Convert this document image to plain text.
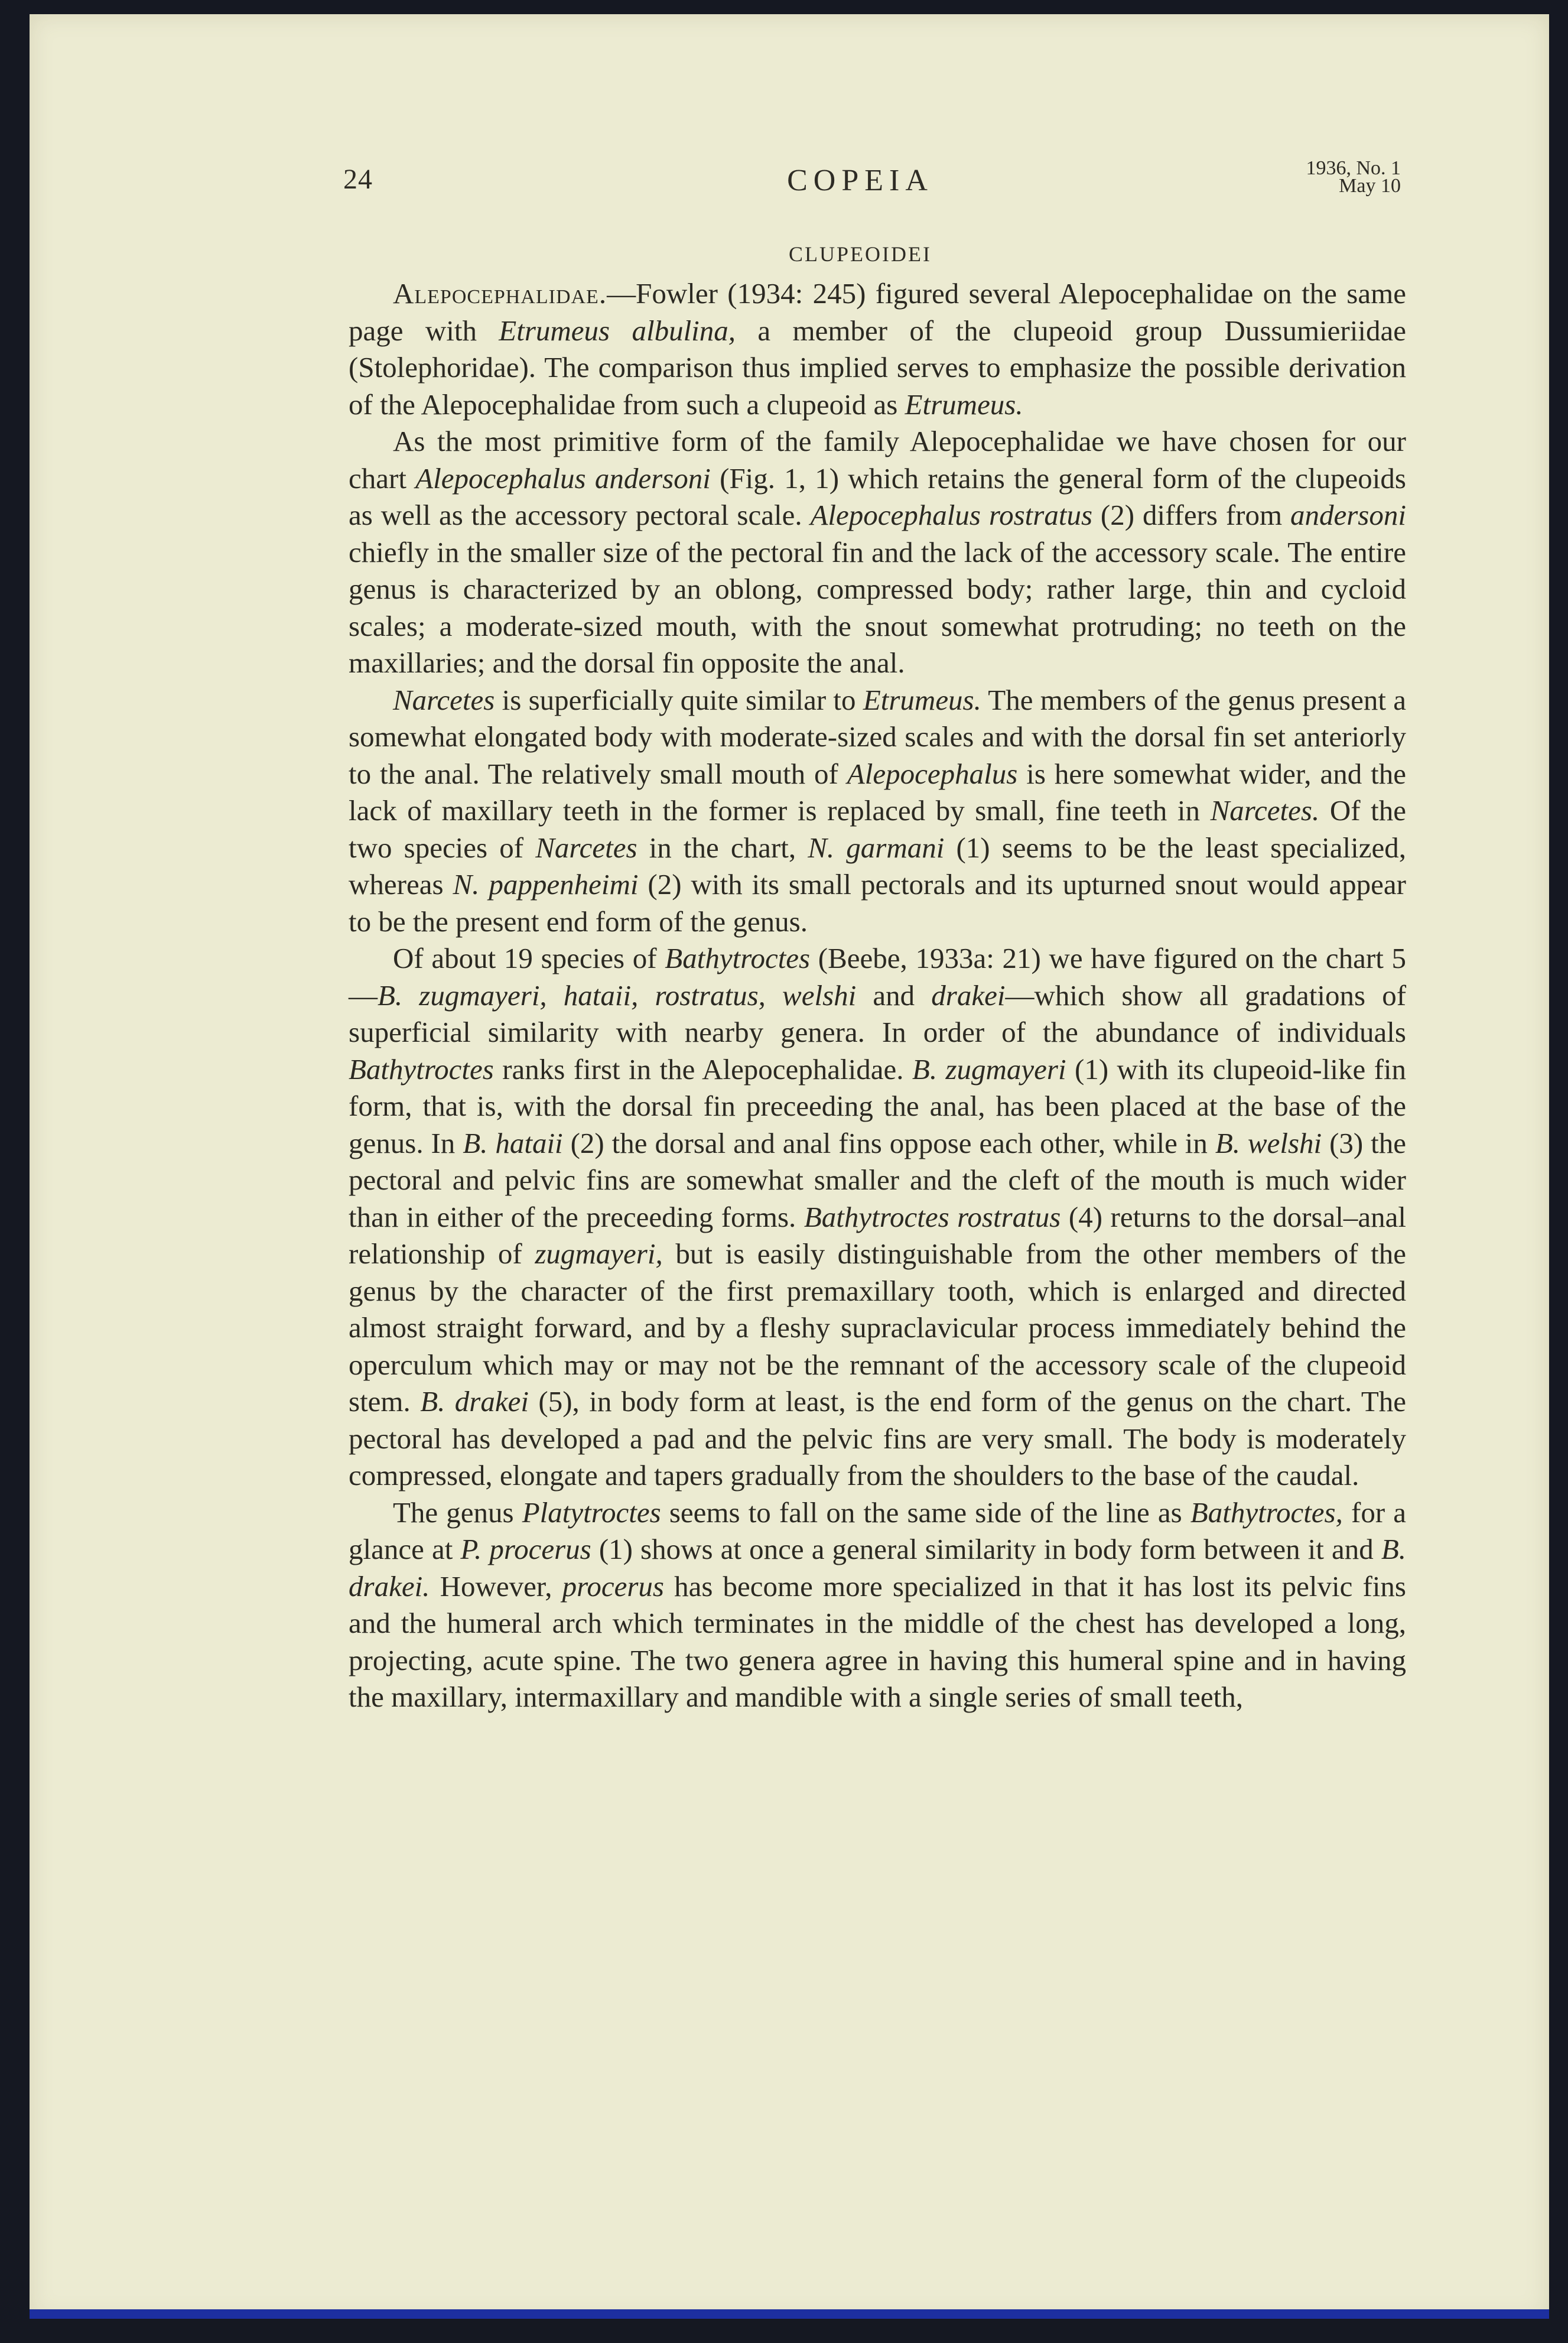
24	COPEIA	1936, No. 1
May 10
CLUPEOIDEI

Alepocephalidae.—Fowler (1934: 245) figured several Alepocephalidae on the same page with Etrumeus albulina, a member of the clupeoid group Dussumieriidae (Stolephoridae). The comparison thus implied serves to emphasize the possible derivation of the Alepocephalidae from such a clupeoid as Etrumeus.

As the most primitive form of the family Alepocephalidae we have chosen for our chart Alepocephalus andersoni (Fig. 1, 1) which retains the general form of the clupeoids as well as the accessory pectoral scale. Alepocephalus rostratus (2) differs from andersoni chiefly in the smaller size of the pectoral fin and the lack of the accessory scale. The entire genus is characterized by an oblong, compressed body; rather large, thin and cycloid scales; a moderate-sized mouth, with the snout somewhat protruding; no teeth on the maxillaries; and the dorsal fin opposite the anal.

Narcetes is superficially quite similar to Etrumeus. The members of the genus present a somewhat elongated body with moderate-sized scales and with the dorsal fin set anteriorly to the anal. The relatively small mouth of Alepocephalus is here somewhat wider, and the lack of maxillary teeth in the former is replaced by small, fine teeth in Narcetes. Of the two species of Narcetes in the chart, N. garmani (1) seems to be the least specialized, whereas N. pappenheimi (2) with its small pectorals and its upturned snout would appear to be the present end form of the genus.

Of about 19 species of Bathytroctes (Beebe, 1933a: 21) we have figured on the chart 5—B. zugmayeri, hataii, rostratus, welshi and drakei—which show all gradations of superficial similarity with nearby genera. In order of the abundance of individuals Bathytroctes ranks first in the Alepocephalidae. B. zugmayeri (1) with its clupeoid-like fin form, that is, with the dorsal fin preceeding the anal, has been placed at the base of the genus. In B. hataii (2) the dorsal and anal fins oppose each other, while in B. welshi (3) the pectoral and pelvic fins are somewhat smaller and the cleft of the mouth is much wider than in either of the preceeding forms. Bathytroctes rostratus (4) returns to the dorsal–anal relationship of zugmayeri, but is easily distinguishable from the other members of the genus by the character of the first premaxillary tooth, which is enlarged and directed almost straight forward, and by a fleshy supraclavicular process immediately behind the operculum which may or may not be the remnant of the accessory scale of the clupeoid stem. B. drakei (5), in body form at least, is the end form of the genus on the chart. The pectoral has developed a pad and the pelvic fins are very small. The body is moderately compressed, elongate and tapers gradually from the shoulders to the base of the caudal.

The genus Platytroctes seems to fall on the same side of the line as Bathytroctes, for a glance at P. procerus (1) shows at once a general similarity in body form between it and B. drakei. However, procerus has become more specialized in that it has lost its pelvic fins and the humeral arch which terminates in the middle of the chest has developed a long, projecting, acute spine. The two genera agree in having this humeral spine and in having the maxillary, intermaxillary and mandible with a single series of small teeth,
